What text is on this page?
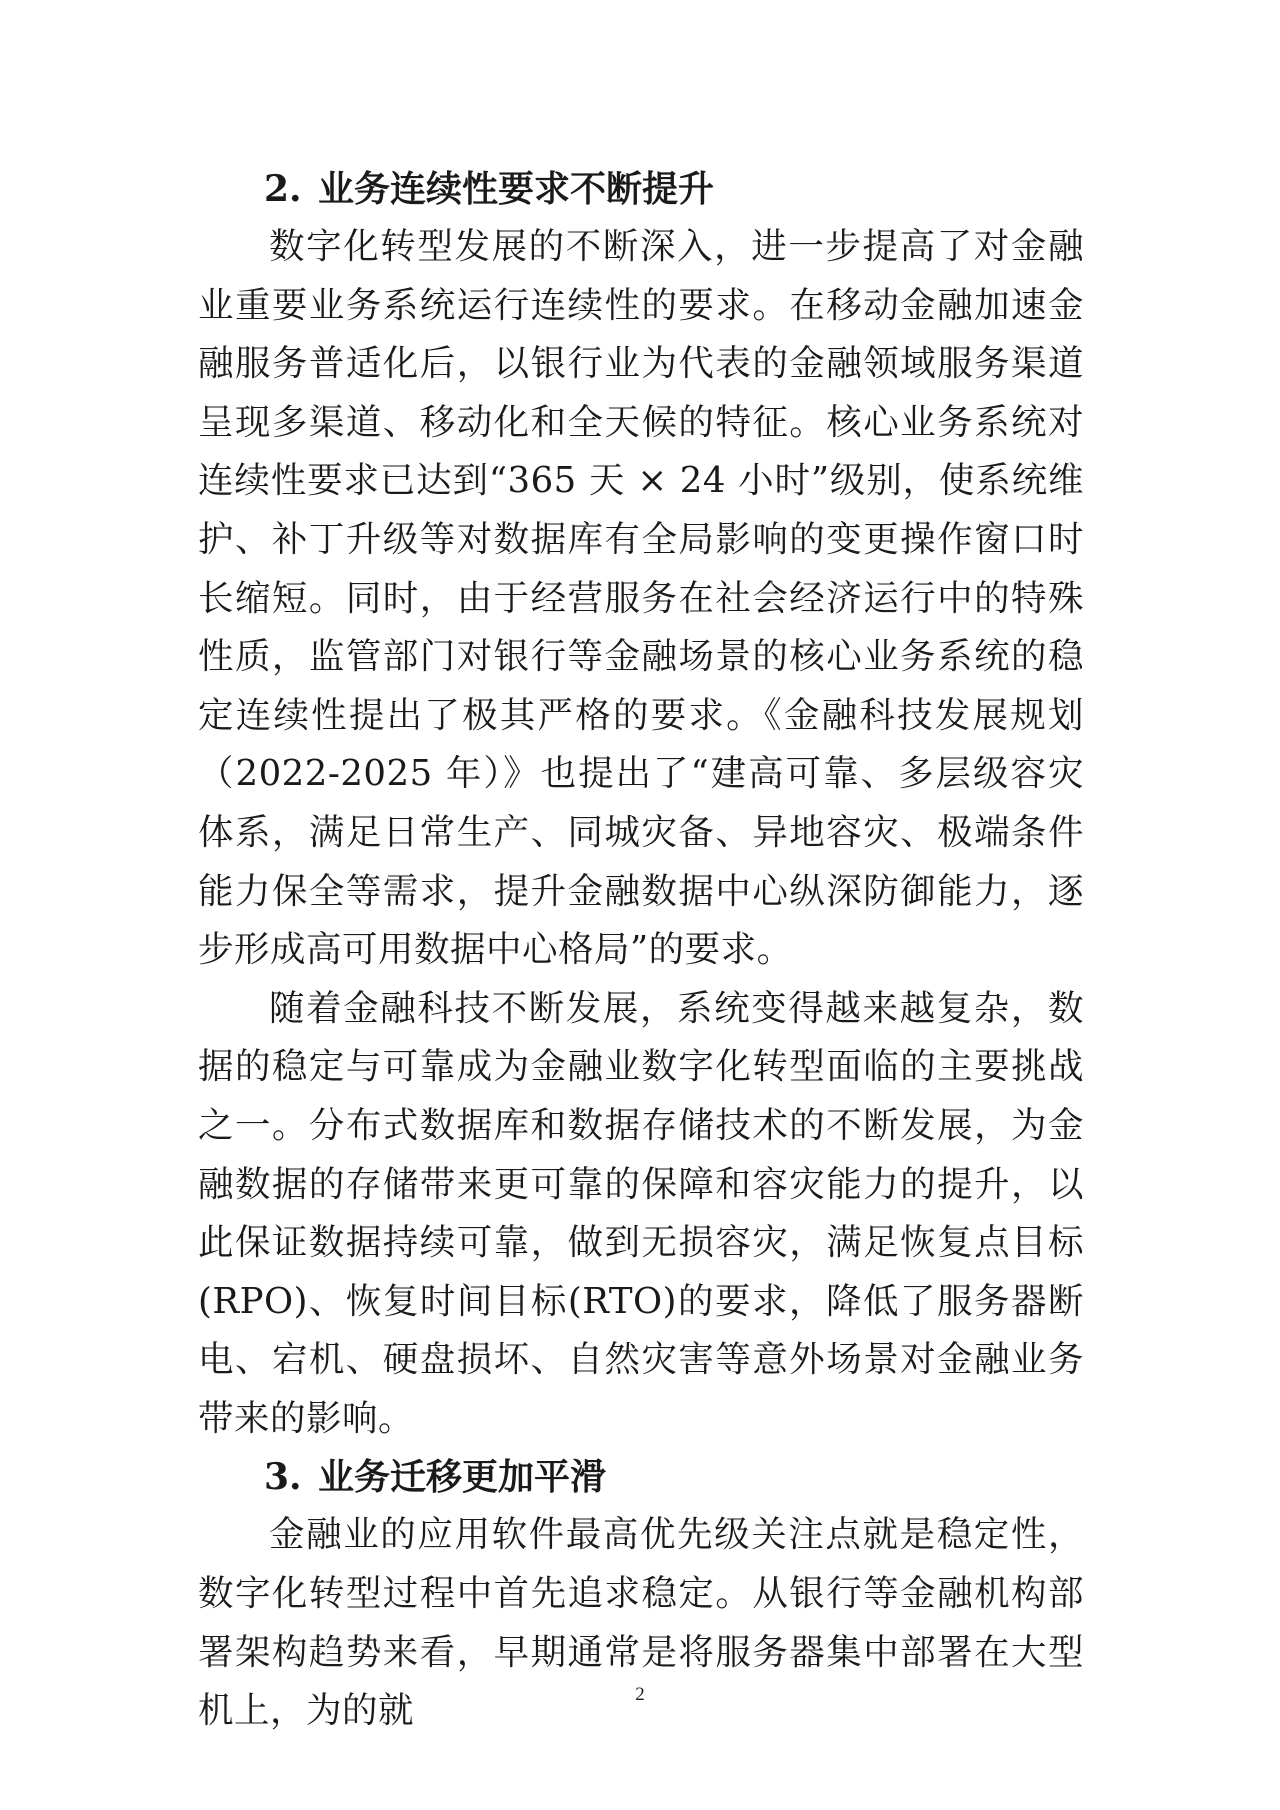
2. 业务连续性要求不断提升

数字化转型发展的不断深入，进一步提高了对金融业重要业务系统运行连续性的要求。在移动金融加速金融服务普适化后，以银行业为代表的金融领域服务渠道呈现多渠道、移动化和全天候的特征。核心业务系统对连续性要求已达到“365 天 × 24 小时”级别，使系统维护、补丁升级等对数据库有全局影响的变更操作窗口时长缩短。同时，由于经营服务在社会经济运行中的特殊性质，监管部门对银行等金融场景的核心业务系统的稳定连续性提出了极其严格的要求。《金融科技发展规划（2022-2025 年）》也提出了“建高可靠、多层级容灾体系，满足日常生产、同城灾备、异地容灾、极端条件能力保全等需求，提升金融数据中心纵深防御能力，逐步形成高可用数据中心格局”的要求。

随着金融科技不断发展，系统变得越来越复杂，数据的稳定与可靠成为金融业数字化转型面临的主要挑战之一。分布式数据库和数据存储技术的不断发展，为金融数据的存储带来更可靠的保障和容灾能力的提升，以此保证数据持续可靠，做到无损容灾，满足恢复点目标(RPO)、恢复时间目标(RTO)的要求，降低了服务器断电、宕机、硬盘损坏、自然灾害等意外场景对金融业务带来的影响。

3. 业务迁移更加平滑

金融业的应用软件最高优先级关注点就是稳定性，数字化转型过程中首先追求稳定。从银行等金融机构部署架构趋势来看，早期通常是将服务器集中部署在大型机上，为的就	2
